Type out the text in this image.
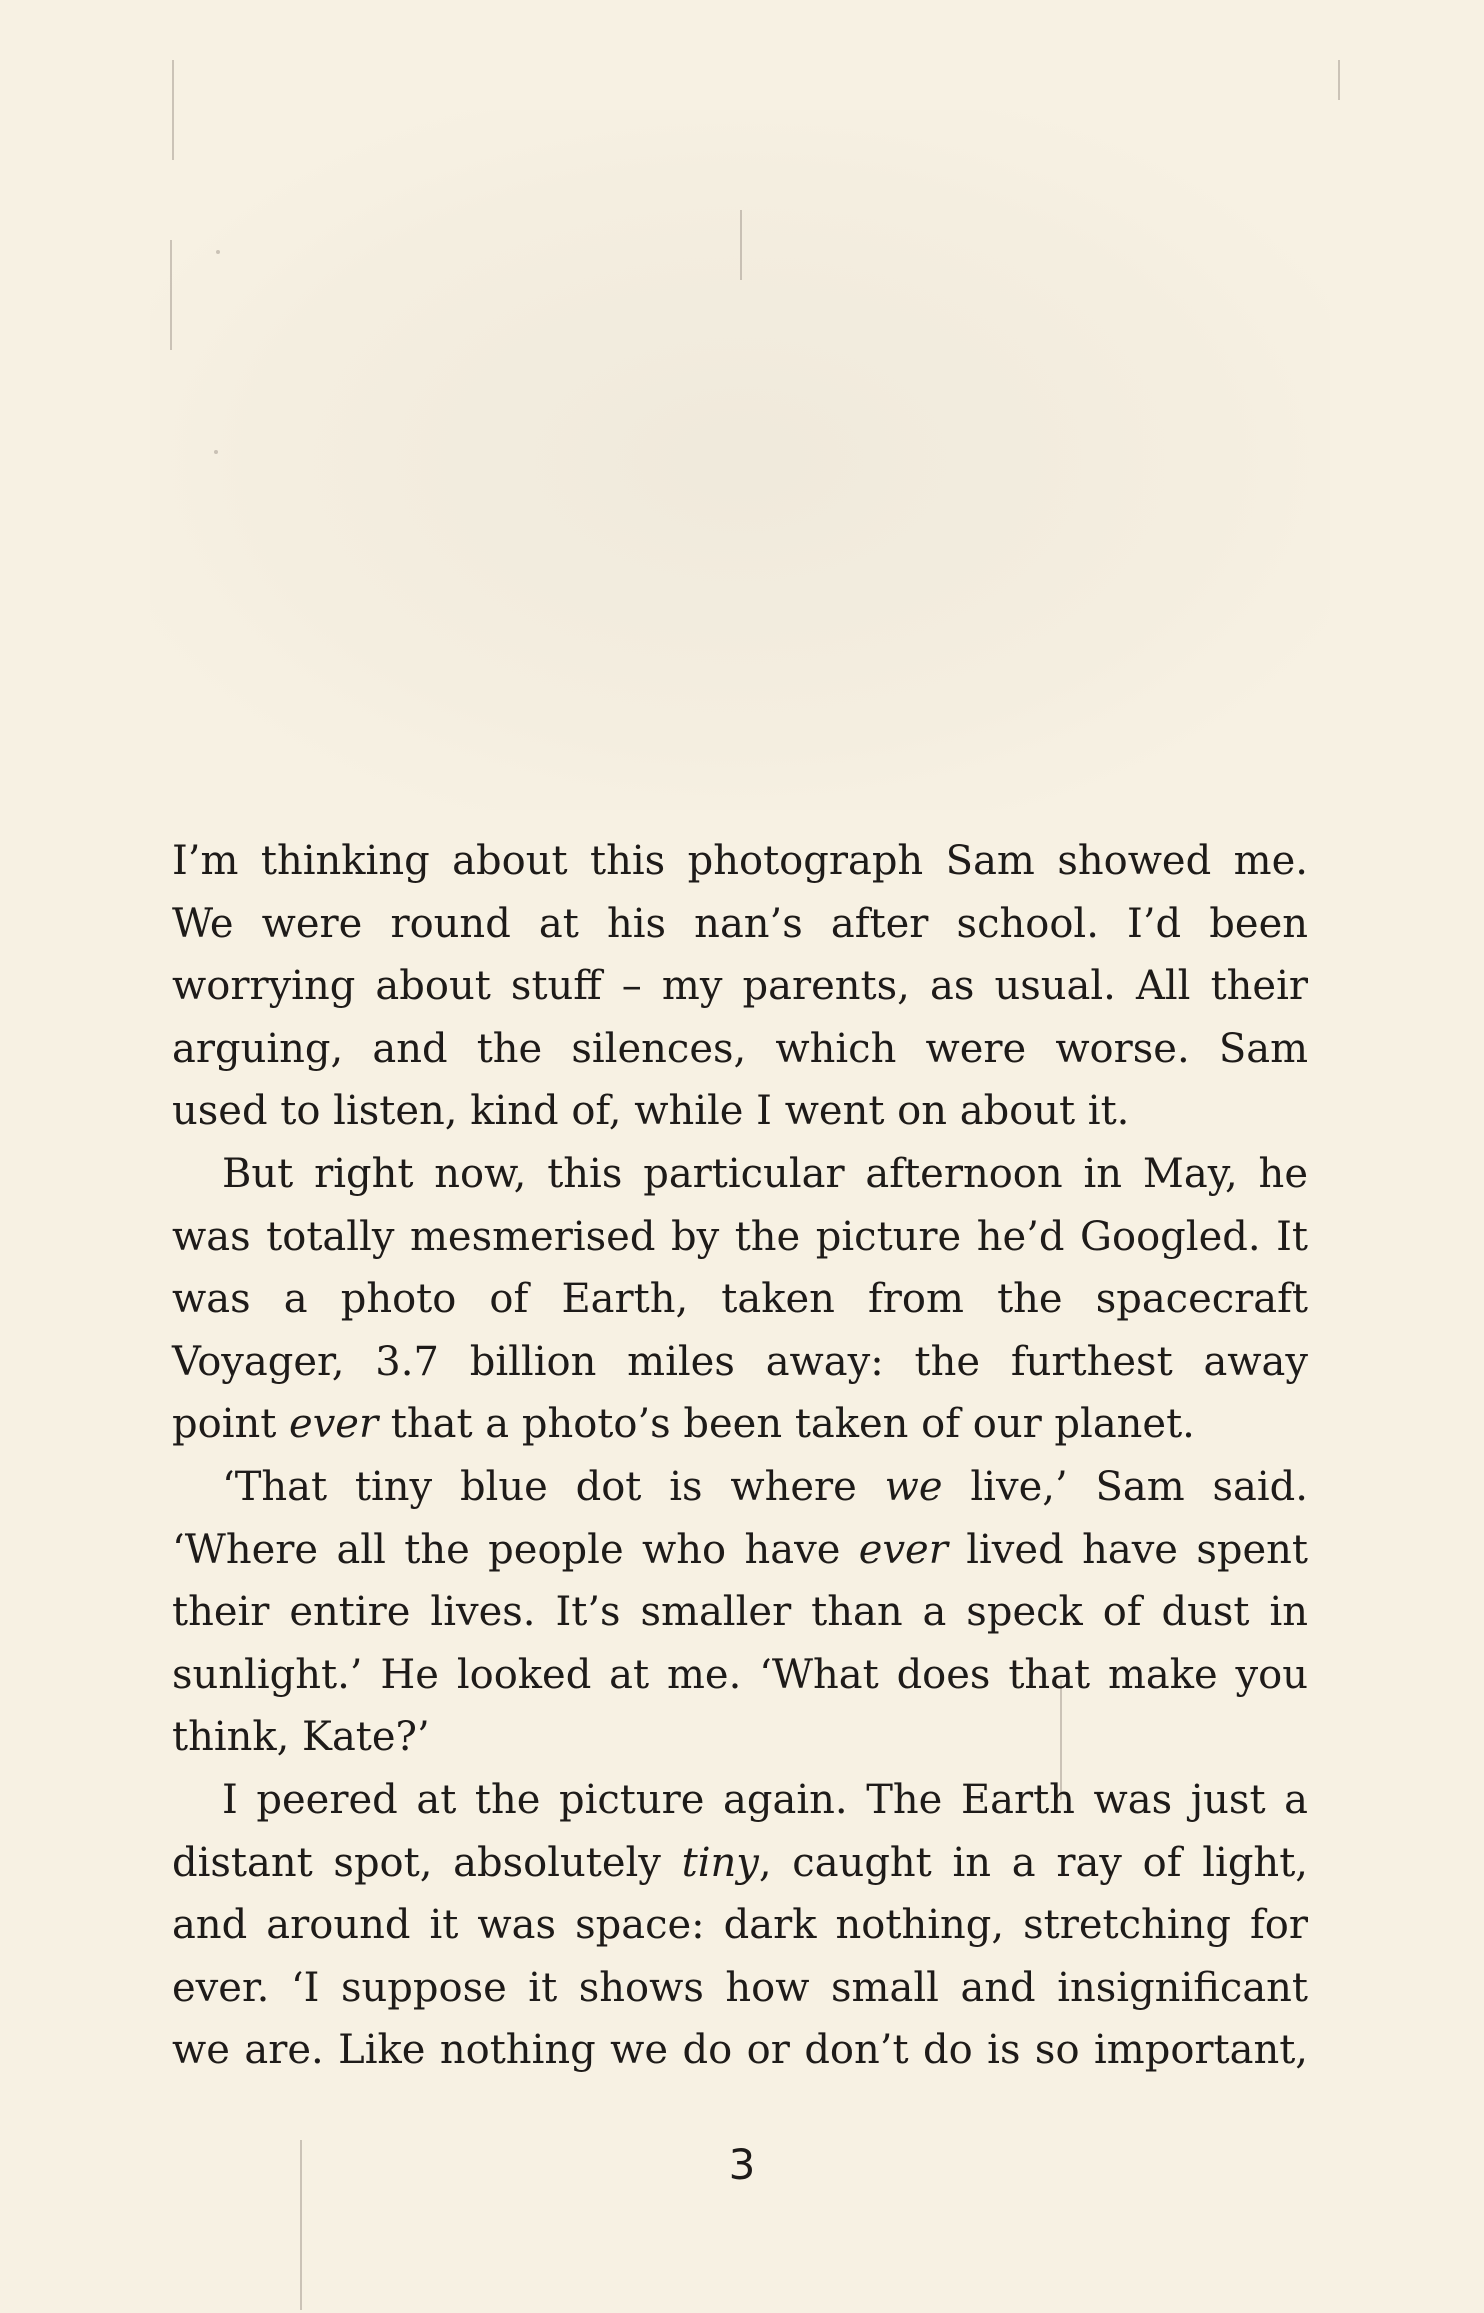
I’m thinking about this photograph Sam showed me.
We were round at his nan’s after school. I’d been
worrying about stuff – my parents, as usual. All their
arguing, and the silences, which were worse. Sam
used to listen, kind of, while I went on about it.
But right now, this particular afternoon in May, he
was totally mesmerised by the picture he’d Googled. It
was a photo of Earth, taken from the spacecraft
Voyager, 3.7 billion miles away: the furthest away
point ever that a photo’s been taken of our planet.
‘That tiny blue dot is where we live,’ Sam said.
‘Where all the people who have ever lived have spent
their entire lives. It’s smaller than a speck of dust in
sunlight.’ He looked at me. ‘What does that make you
think, Kate?’
I peered at the picture again. The Earth was just a
distant spot, absolutely tiny, caught in a ray of light,
and around it was space: dark nothing, stretching for
ever. ‘I suppose it shows how small and insignificant
we are. Like nothing we do or don’t do is so important,
3
